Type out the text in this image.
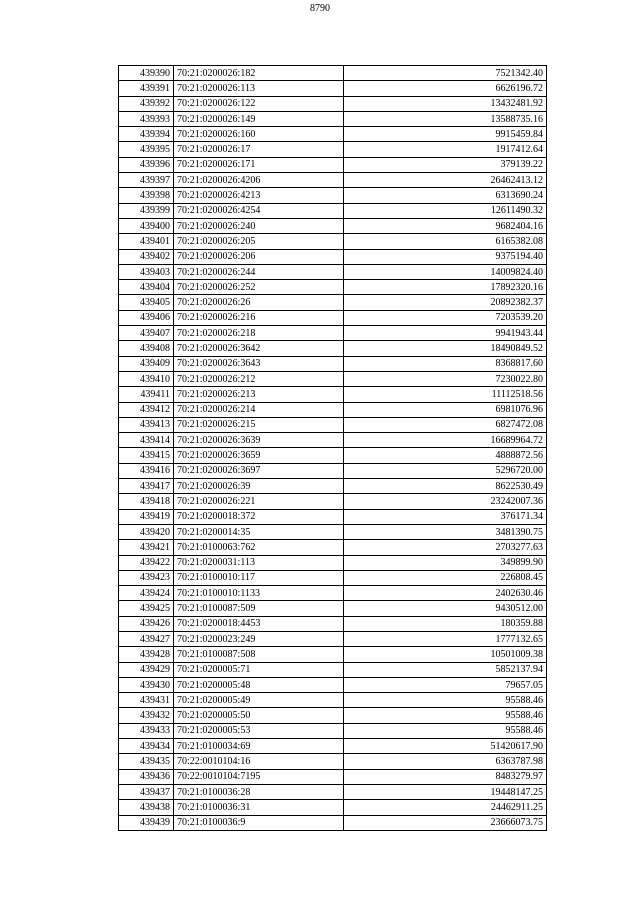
8790
439390	70:21:0200026:182	7521342.40
439391	70:21:0200026:113	6626196.72
439392	70:21:0200026:122	13432481.92
439393	70:21:0200026:149	13588735.16
439394	70:21:0200026:160	9915459.84
439395	70:21:0200026:17	1917412.64
439396	70:21:0200026:171	379139.22
439397	70:21:0200026:4206	26462413.12
439398	70:21:0200026:4213	6313690.24
439399	70:21:0200026:4254	12611490.32
439400	70:21:0200026:240	9682404.16
439401	70:21:0200026:205	6165382.08
439402	70:21:0200026:206	9375194.40
439403	70:21:0200026:244	14009824.40
439404	70:21:0200026:252	17892320.16
439405	70:21:0200026:26	20892382.37
439406	70:21:0200026:216	7203539.20
439407	70:21:0200026:218	9941943.44
439408	70:21:0200026:3642	18490849.52
439409	70:21:0200026:3643	8368817.60
439410	70:21:0200026:212	7230022.80
439411	70:21:0200026:213	11112518.56
439412	70:21:0200026:214	6981076.96
439413	70:21:0200026:215	6827472.08
439414	70:21:0200026:3639	16689964.72
439415	70:21:0200026:3659	4888872.56
439416	70:21:0200026:3697	5296720.00
439417	70:21:0200026:39	8622530.49
439418	70:21:0200026:221	23242007.36
439419	70:21:0200018:372	376171.34
439420	70:21:0200014:35	3481390.75
439421	70:21:0100063:762	2703277.63
439422	70:21:0200031:113	349899.90
439423	70:21:0100010:117	226808.45
439424	70:21:0100010:1133	2402630.46
439425	70:21:0100087:509	9430512.00
439426	70:21:0200018:4453	180359.88
439427	70:21:0200023:249	1777132.65
439428	70:21:0100087:508	10501009.38
439429	70:21:0200005:71	5852137.94
439430	70:21:0200005:48	79657.05
439431	70:21:0200005:49	95588.46
439432	70:21:0200005:50	95588.46
439433	70:21:0200005:53	95588.46
439434	70:21:0100034:69	51420617.90
439435	70:22:0010104:16	6363787.98
439436	70:22:0010104:7195	8483279.97
439437	70:21:0100036:28	19448147.25
439438	70:21:0100036:31	24462911.25
439439	70:21:0100036:9	23666073.75
